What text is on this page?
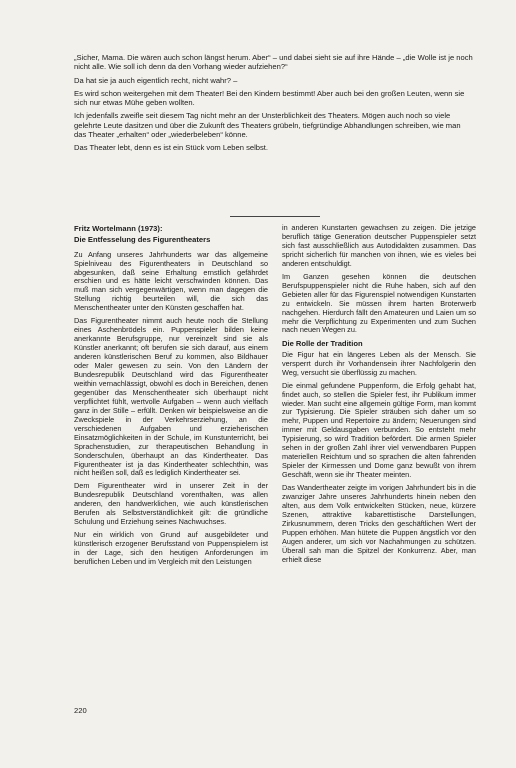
„Sicher, Mama. Die wären auch schon längst herum. Aber“ – und dabei sieht sie auf ihre Hände – „die Wolle ist je noch nicht alle. Wie soll ich denn da den Vorhang wieder aufziehen?“

Da hat sie ja auch eigentlich recht, nicht wahr? –

Es wird schon weitergehen mit dem Theater! Bei den Kindern bestimmt! Aber auch bei den großen Leuten, wenn sie sich nur etwas Mühe geben wollten.

Ich jedenfalls zweifle seit diesem Tag nicht mehr an der Unsterblichkeit des Theaters. Mögen auch noch so viele gelehrte Leute dasitzen und über die Zukunft des Theaters grübeln, tiefgründige Abhandlungen schreiben, wie man das Theater „erhalten“ oder „wiederbeleben“ könne.

Das Theater lebt, denn es ist ein Stück vom Leben selbst.

Fritz Wortelmann (1973):
Die Entfesselung des Figurentheaters

Zu Anfang unseres Jahrhunderts war das allgemeine Spielniveau des Figurentheaters in Deutschland so abgesunken, daß seine Erhaltung ernstlich gefährdet erschien und es hätte leicht verschwinden können. Das muß man sich vergegenwärtigen, wenn man dagegen die Stellung richtig beurteilen will, die sich das Menschentheater unter den Künsten geschaffen hat.

Das Figurentheater nimmt auch heute noch die Stellung eines Aschenbrödels ein. Puppenspieler bilden keine anerkannte Berufsgruppe, nur vereinzelt sind sie als Künstler anerkannt; oft berufen sie sich darauf, aus einem anderen künstlerischen Beruf zu kommen, also Bildhauer oder Maler gewesen zu sein. Von den Ländern der Bundesrepublik Deutschland wird das Figurentheater weithin vernachlässigt, obwohl es doch in Bereichen, denen gegenüber das Menschentheater sich überhaupt nicht verpflichtet fühlt, wertvolle Aufgaben – wenn auch vielfach ganz in der Stille – erfüllt. Denken wir beispielsweise an die Zweckspiele in der Verkehrserziehung, an die verschiedenen Aufgaben und erzieherischen Einsatzmöglichkeiten in der Schule, im Kunstunterricht, bei Sprachenstudien, zur therapeutischen Behandlung in Sonderschulen, überhaupt an das Kindertheater. Das Figurentheater ist ja das Kindertheater schlechthin, was nicht heißen soll, daß es lediglich Kindertheater sei.

Dem Figurentheater wird in unserer Zeit in der Bundesrepublik Deutschland vorenthalten, was allen anderen, den handwerklichen, wie auch künstlerischen Berufen als Selbstverständlichkeit gilt: die gründliche Schulung und Erziehung seines Nachwuchses.

Nur ein wirklich von Grund auf ausgebildeter und künstlerisch erzogener Berufsstand von Puppenspielern ist in der Lage, sich den heutigen Anforderungen im beruflichen Leben und im Vergleich mit den Leistungen

in anderen Kunstarten gewachsen zu zeigen. Die jetzige beruflich tätige Generation deutscher Puppenspieler setzt sich fast ausschließlich aus Autodidakten zusammen. Das spricht sicherlich für manchen von ihnen, wie es vieles bei anderen entschuldigt.

Im Ganzen gesehen können die deutschen Berufspuppenspieler nicht die Ruhe haben, sich auf den Gebieten aller für das Figurenspiel notwendigen Kunstarten zu entwickeln. Sie müssen ihrem harten Broterwerb nachgehen. Hierdurch fällt den Amateuren und Laien um so mehr die Verpflichtung zu Experimenten und zum Suchen nach neuen Wegen zu.

Die Rolle der Tradition

Die Figur hat ein längeres Leben als der Mensch. Sie versperrt durch ihr Vorhandensein ihrer Nachfolgerin den Weg, versucht sie überflüssig zu machen.

Die einmal gefundene Puppenform, die Erfolg gehabt hat, findet auch, so stellen die Spieler fest, ihr Publikum immer wieder. Man sucht eine allgemein gültige Form, man kommt zur Typisierung. Die Spieler sträuben sich daher um so mehr, Puppen und Repertoire zu ändern; Neuerungen sind immer mit Geldausgaben verbunden. So entsteht mehr Typisierung, so wird Tradition befördert. Die armen Spieler sehen in der großen Zahl ihrer viel verwendbaren Puppen materiellen Reichtum und so sprachen die alten fahrenden Spieler der Kirmessen und Dome ganz bewußt von ihrem Geschäft, wenn sie ihr Theater meinten.

Das Wandertheater zeigte im vorigen Jahrhundert bis in die zwanziger Jahre unseres Jahrhunderts hinein neben den alten, aus dem Volk entwickelten Stücken, neue, kürzere Szenen, attraktive kabarettistische Darstellungen, Zirkusnummern, deren Tricks den geschäftlichen Wert der Puppen erhöhen. Man hütete die Puppen ängstlich vor den Augen anderer, um sich vor Nachahmungen zu schützen. Überall sah man die Spitzel der Konkurrenz. Aber, man erhielt diese

220
